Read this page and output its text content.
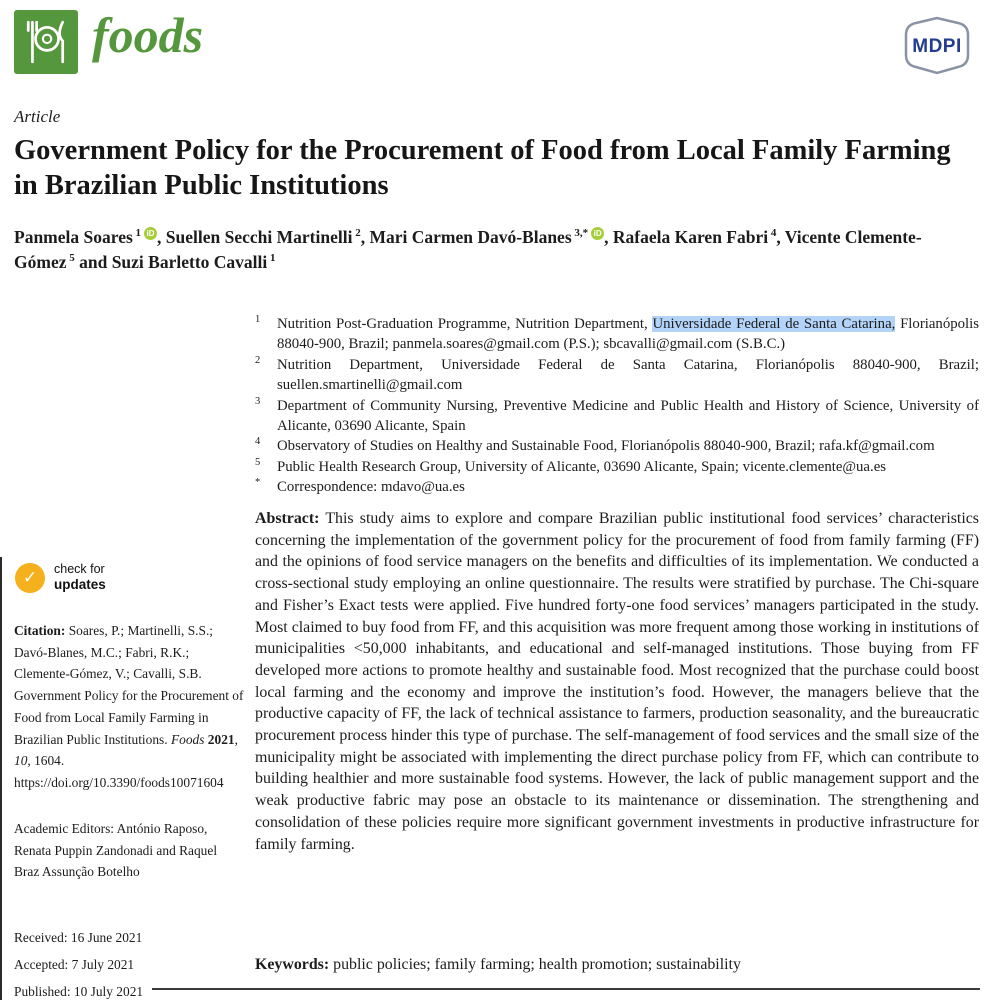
foods	MDPI
Article
Government Policy for the Procurement of Food from Local Family Farming in Brazilian Public Institutions
Panmela Soares $^1$ iD , Suellen Secchi Martinelli $^2$, Mari Carmen Davó-Blanes $^{3,*}$ iD , Rafaela Karen Fabri $^4$, Vicente Clemente-Gómez $^5$ and Suzi Barletto Cavalli $^1$
1	Nutrition Post-Graduation Programme, Nutrition Department, Universidade Federal de Santa Catarina, Florianópolis 88040-900, Brazil; panmela.soares@gmail.com (P.S.); sbcavalli@gmail.com (S.B.C.)
2	Nutrition Department, Universidade Federal de Santa Catarina, Florianópolis 88040-900, Brazil; suellen.smartinelli@gmail.com
3	Department of Community Nursing, Preventive Medicine and Public Health and History of Science, University of Alicante, 03690 Alicante, Spain
4	Observatory of Studies on Healthy and Sustainable Food, Florianópolis 88040-900, Brazil; rafa.kf@gmail.com
5	Public Health Research Group, University of Alicante, 03690 Alicante, Spain; vicente.clemente@ua.es
*	Correspondence: mdavo@ua.es
✓	check for
updates

Citation: Soares, P.; Martinelli, S.S.; Davó-Blanes, M.C.; Fabri, R.K.; Clemente-Gómez, V.; Cavalli, S.B. Government Policy for the Procurement of Food from Local Family Farming in Brazilian Public Institutions. Foods 2021, 10, 1604. https://doi.org/10.3390/foods10071604

Academic Editors: António Raposo, Renata Puppin Zandonadi and Raquel Braz Assunção Botelho

Received: 16 June 2021
Accepted: 7 July 2021
Published: 10 July 2021

Abstract: This study aims to explore and compare Brazilian public institutional food services’ characteristics concerning the implementation of the government policy for the procurement of food from family farming (FF) and the opinions of food service managers on the benefits and difficulties of its implementation. We conducted a cross-sectional study employing an online questionnaire. The results were stratified by purchase. The Chi-square and Fisher’s Exact tests were applied. Five hundred forty-one food services’ managers participated in the study. Most claimed to buy food from FF, and this acquisition was more frequent among those working in institutions of municipalities <50,000 inhabitants, and educational and self-managed institutions. Those buying from FF developed more actions to promote healthy and sustainable food. Most recognized that the purchase could boost local farming and the economy and improve the institution’s food. However, the managers believe that the productive capacity of FF, the lack of technical assistance to farmers, production seasonality, and the bureaucratic procurement process hinder this type of purchase. The self-management of food services and the small size of the municipality might be associated with implementing the direct purchase policy from FF, which can contribute to building healthier and more sustainable food systems. However, the lack of public management support and the weak productive fabric may pose an obstacle to its maintenance or dissemination. The strengthening and consolidation of these policies require more significant government investments in productive infrastructure for family farming.

Keywords: public policies; family farming; health promotion; sustainability
